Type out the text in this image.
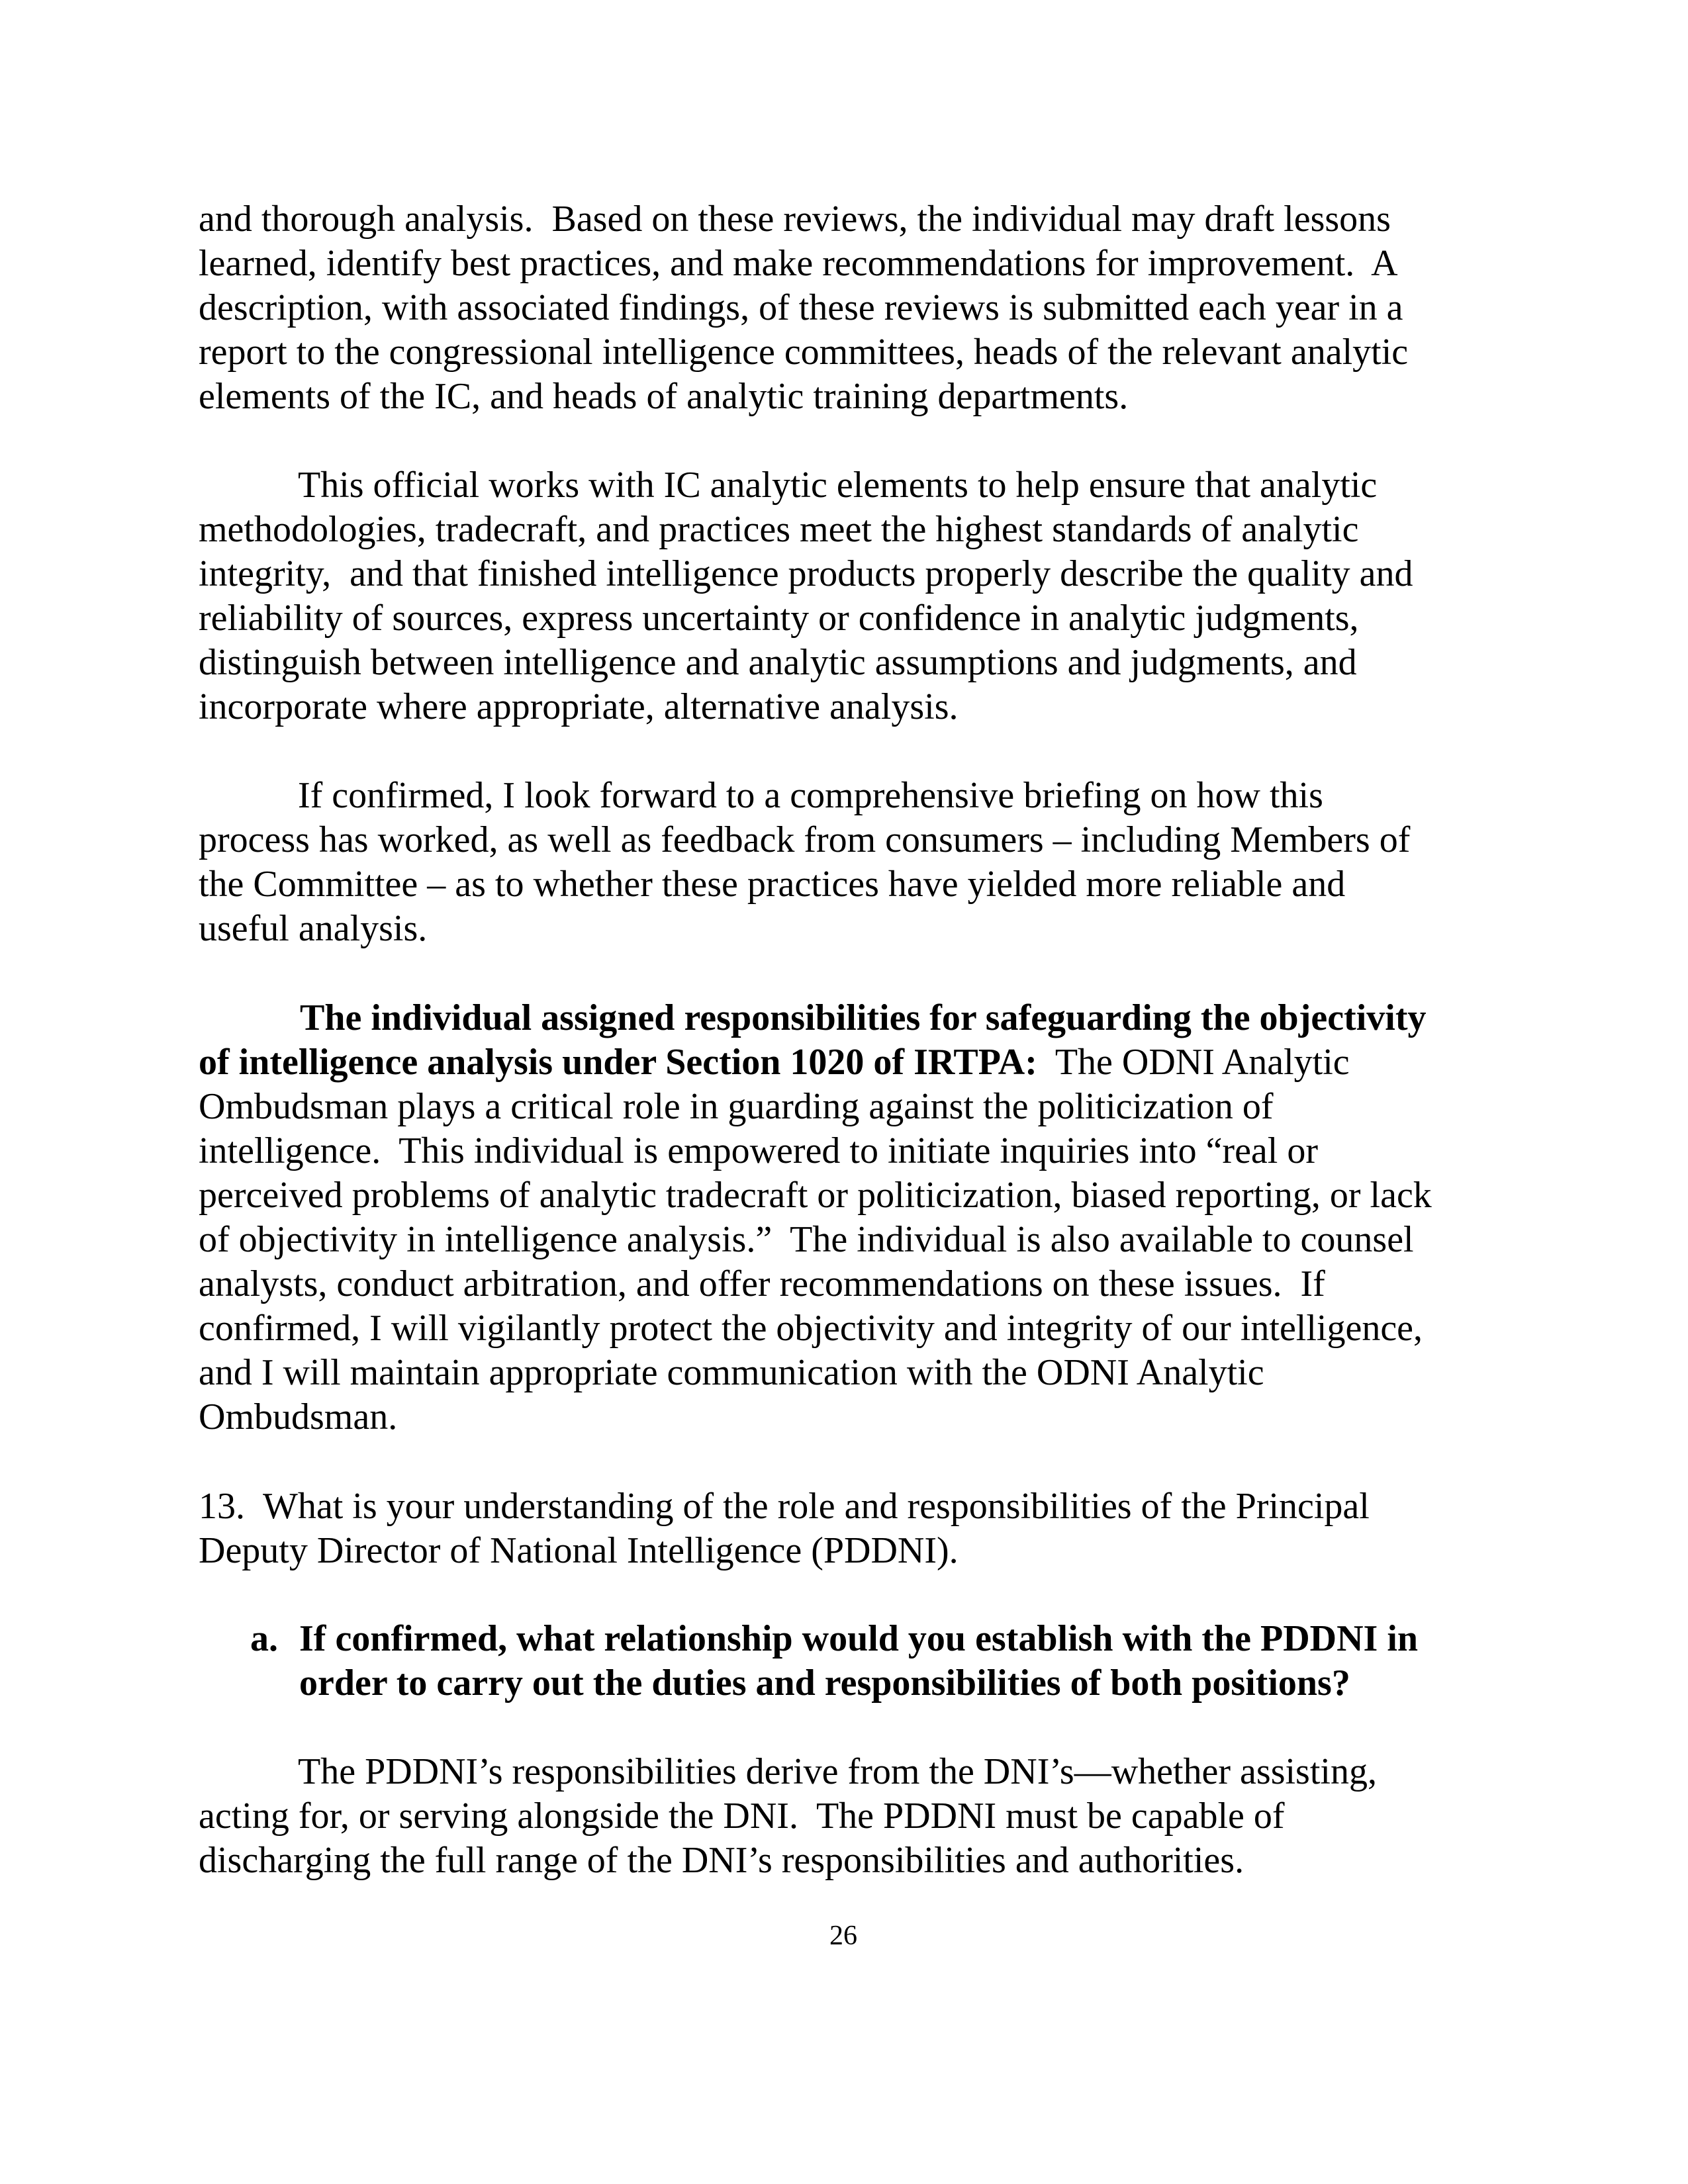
and thorough analysis.  Based on these reviews, the individual may draft lessons

learned, identify best practices, and make recommendations for improvement.  A

description, with associated findings, of these reviews is submitted each year in a

report to the congressional intelligence committees, heads of the relevant analytic

elements of the IC, and heads of analytic training departments.

This official works with IC analytic elements to help ensure that analytic

methodologies, tradecraft, and practices meet the highest standards of analytic

integrity,  and that finished intelligence products properly describe the quality and

reliability of sources, express uncertainty or confidence in analytic judgments,

distinguish between intelligence and analytic assumptions and judgments, and

incorporate where appropriate, alternative analysis.

If confirmed, I look forward to a comprehensive briefing on how this

process has worked, as well as feedback from consumers – including Members of

the Committee – as to whether these practices have yielded more reliable and

useful analysis.

The individual assigned responsibilities for safeguarding the objectivity

of intelligence analysis under Section 1020 of IRTPA:  The ODNI Analytic

Ombudsman plays a critical role in guarding against the politicization of

intelligence.  This individual is empowered to initiate inquiries into “real or

perceived problems of analytic tradecraft or politicization, biased reporting, or lack

of objectivity in intelligence analysis.”  The individual is also available to counsel

analysts, conduct arbitration, and offer recommendations on these issues.  If

confirmed, I will vigilantly protect the objectivity and integrity of our intelligence,

and I will maintain appropriate communication with the ODNI Analytic

Ombudsman.

13.  What is your understanding of the role and responsibilities of the Principal

Deputy Director of National Intelligence (PDDNI).

a. If confirmed, what relationship would you establish with the PDDNI in

order to carry out the duties and responsibilities of both positions?

The PDDNI’s responsibilities derive from the DNI’s—whether assisting,

acting for, or serving alongside the DNI.  The PDDNI must be capable of

discharging the full range of the DNI’s responsibilities and authorities.

26
